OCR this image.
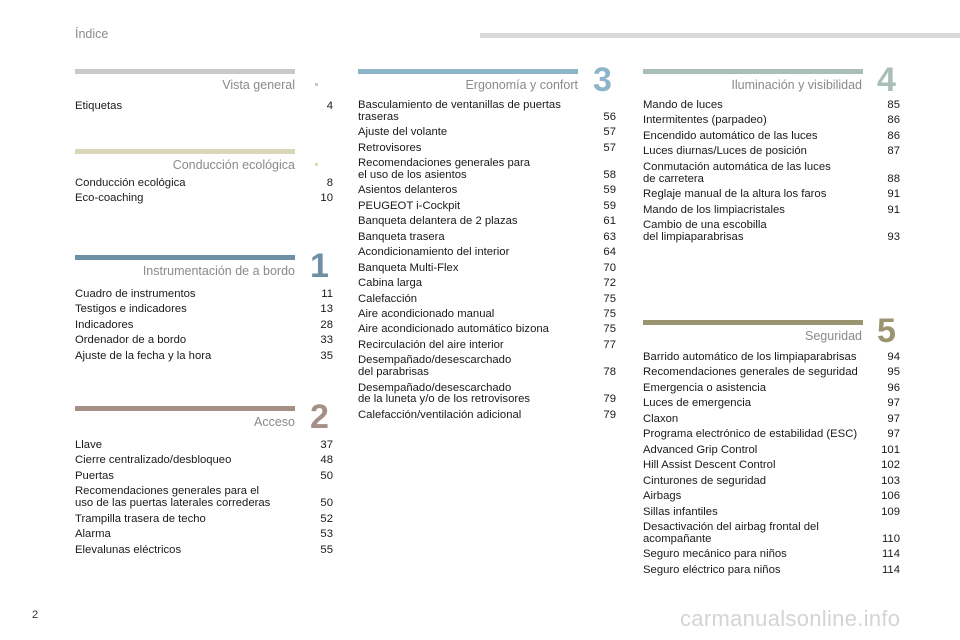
Índice
Vista general
Etiquetas	4
Conducción ecológica
Conducción ecológica	8
Eco-coaching	10
1
Instrumentación de a bordo
Cuadro de instrumentos	11
Testigos e indicadores	13
Indicadores	28
Ordenador de a bordo	33
Ajuste de la fecha y la hora	35
2
Acceso
Llave	37
Cierre centralizado/desbloqueo	48
Puertas	50
Recomendaciones generales para el
uso de las puertas laterales correderas	50
Trampilla trasera de techo	52
Alarma	53
Elevalunas eléctricos	55
3
Ergonomía y confort
Basculamiento de ventanillas de puertas
traseras	56
Ajuste del volante	57
Retrovisores	57
Recomendaciones generales para
el uso de los asientos	58
Asientos delanteros	59
PEUGEOT i-Cockpit	59
Banqueta delantera de 2 plazas	61
Banqueta trasera	63
Acondicionamiento del interior	64
Banqueta Multi-Flex	70
Cabina larga	72
Calefacción	75
Aire acondicionado manual	75
Aire acondicionado automático bizona	75
Recirculación del aire interior	77
Desempañado/desescarchado
del parabrisas	78
Desempañado/desescarchado
de la luneta y/o de los retrovisores	79
Calefacción/ventilación adicional	79
4
Iluminación y visibilidad
Mando de luces	85
Intermitentes (parpadeo)	86
Encendido automático de las luces	86
Luces diurnas/Luces de posición	87
Conmutación automática de las luces
de carretera	88
Reglaje manual de la altura los faros	91
Mando de los limpiacristales	91
Cambio de una escobilla
del limpiaparabrisas	93
5
Seguridad
Barrido automático de los limpiaparabrisas	94
Recomendaciones generales de seguridad	95
Emergencia o asistencia	96
Luces de emergencia	97
Claxon	97
Programa electrónico de estabilidad (ESC)	97
Advanced Grip Control	101
Hill Assist Descent Control	102
Cinturones de seguridad	103
Airbags	106
Sillas infantiles	109
Desactivación del airbag frontal del
acompañante	110
Seguro mecánico para niños	114
Seguro eléctrico para niños	114
2	carmanualsonline.info
